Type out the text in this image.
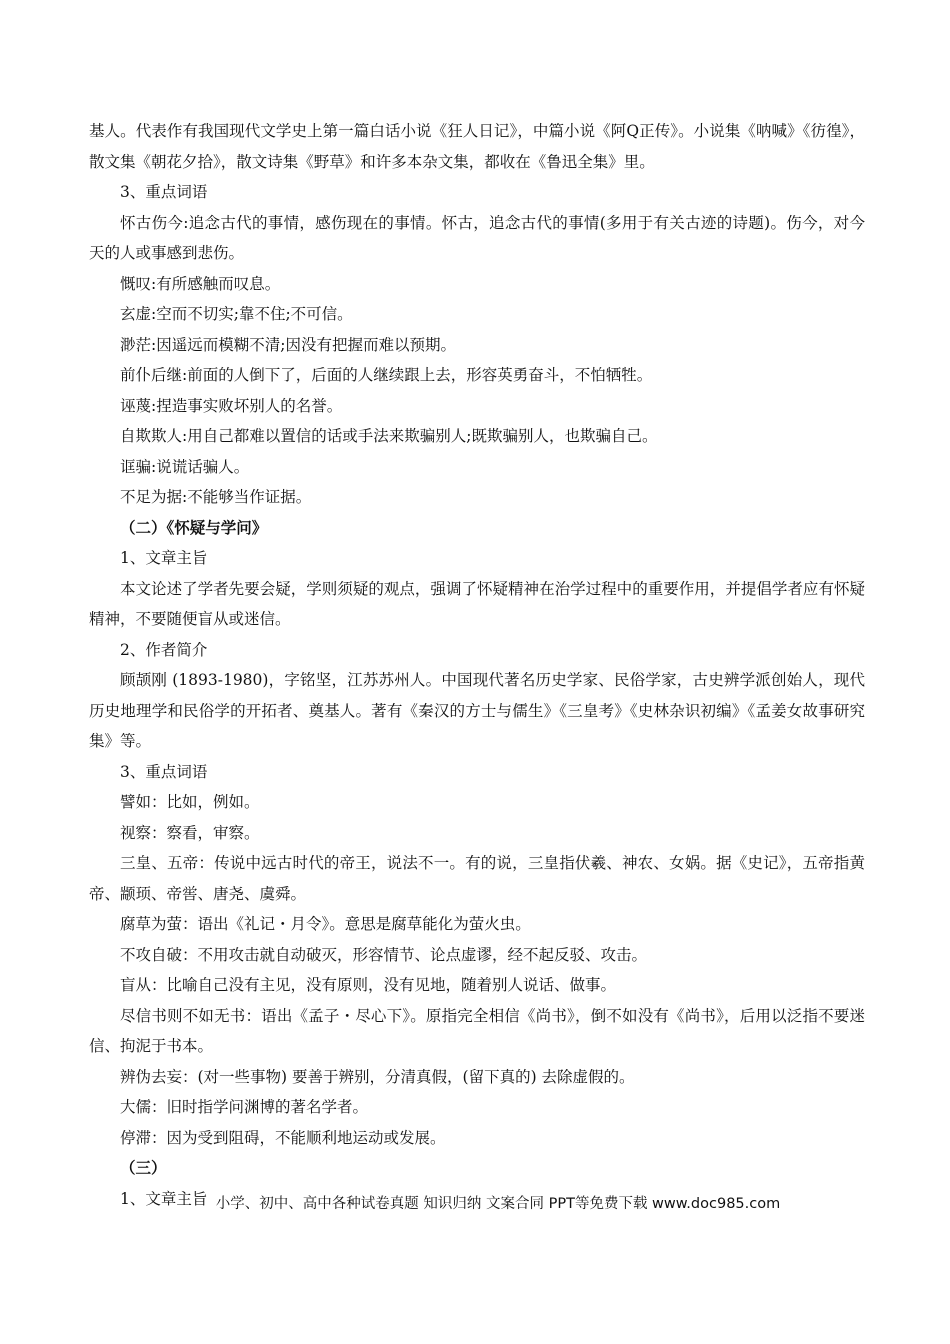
基人。代表作有我国现代文学史上第一篇白话小说《狂人日记》，中篇小说《阿Q正传》。小说集《呐喊》《彷徨》，散文集《朝花夕拾》，散文诗集《野草》和许多本杂文集，都收在《鲁迅全集》里。

3、重点词语

怀古伤今:追念古代的事情，感伤现在的事情。怀古，追念古代的事情(多用于有关古迹的诗题)。伤今，对今天的人或事感到悲伤。

慨叹:有所感触而叹息。

玄虚:空而不切实;靠不住;不可信。

渺茫:因遥远而模糊不清;因没有把握而难以预期。

前仆后继:前面的人倒下了，后面的人继续跟上去，形容英勇奋斗，不怕牺牲。

诬蔑:捏造事实败坏别人的名誉。

自欺欺人:用自己都难以置信的话或手法来欺骗别人;既欺骗别人，也欺骗自己。

诓骗:说谎话骗人。

不足为据:不能够当作证据。

（二）《怀疑与学问》

1、文章主旨

本文论述了学者先要会疑，学则须疑的观点，强调了怀疑精神在治学过程中的重要作用，并提倡学者应有怀疑精神，不要随便盲从或迷信。

2、作者简介

顾颉刚 (1893-1980)，字铭坚，江苏苏州人。中国现代著名历史学家、民俗学家，古史辨学派创始人，现代历史地理学和民俗学的开拓者、奠基人。著有《秦汉的方士与儒生》《三皇考》《史林杂识初编》《孟姜女故事研究集》等。

3、重点词语

譬如：比如，例如。

视察：察看，审察。

三皇、五帝：传说中远古时代的帝王，说法不一。有的说，三皇指伏羲、神农、女娲。据《史记》，五帝指黄帝、颛顼、帝喾、唐尧、虞舜。

腐草为萤：语出《礼记・月令》。意思是腐草能化为萤火虫。

不攻自破：不用攻击就自动破灭，形容情节、论点虚谬，经不起反驳、攻击。

盲从：比喻自己没有主见，没有原则，没有见地，随着别人说话、做事。

尽信书则不如无书：语出《孟子・尽心下》。原指完全相信《尚书》，倒不如没有《尚书》，后用以泛指不要迷信、拘泥于书本。

辨伪去妄：(对一些事物) 要善于辨别，分清真假，(留下真的) 去除虚假的。

大儒：旧时指学问渊博的著名学者。

停滞：因为受到阻碍，不能顺利地运动或发展。

（三）

1、文章主旨 小学、初中、高中各种试卷真题 知识归纳 文案合同 PPT等免费下载 www.doc985.com
